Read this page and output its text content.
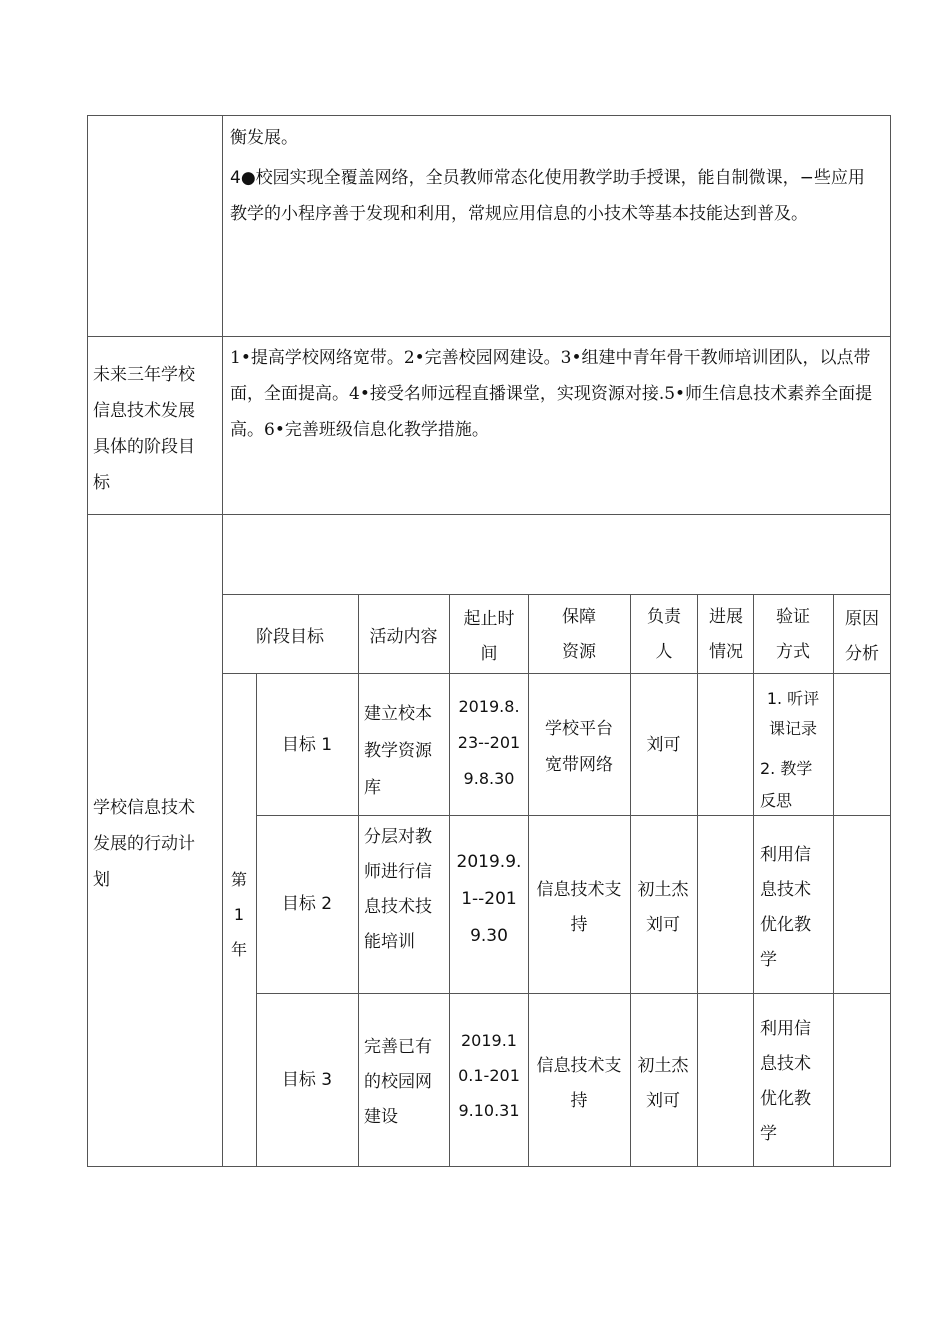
衡发展。
4●校园实现全覆盖网络，全员教师常态化使用教学助手授课，能自制微课，−些应用教学的小程序善于发现和利用，常规应用信息的小技术等基本技能达到普及。
未来三年学校信息技术发展具体的阶段目标
1•提高学校网络宽带。2•完善校园网建设。3•组建中青年骨干教师培训团队，以点带面，全面提高。4•接受名师远程直播课堂，实现资源对接.5•师生信息技术素养全面提高。6•完善班级信息化教学措施。
学校信息技术发展的行动计划
阶段目标	活动内容
起止时间
保障资源
负责人
进展情况
验证方式
原因分析
第1年
目标 1
建立校本教学资源库
2019.8.23--2019.8.30
学校平台宽带网络
刘可
1. 听评课记录
2. 教学反思
目标 2
分层对教师进行信息技术技能培训
2019.9.1--2019.30
信息技术支持
初土杰刘可
利用信息技术优化教学
目标 3
完善已有的校园网建设
2019.10.1-2019.10.31
信息技术支持
初土杰刘可
利用信息技术优化教学
